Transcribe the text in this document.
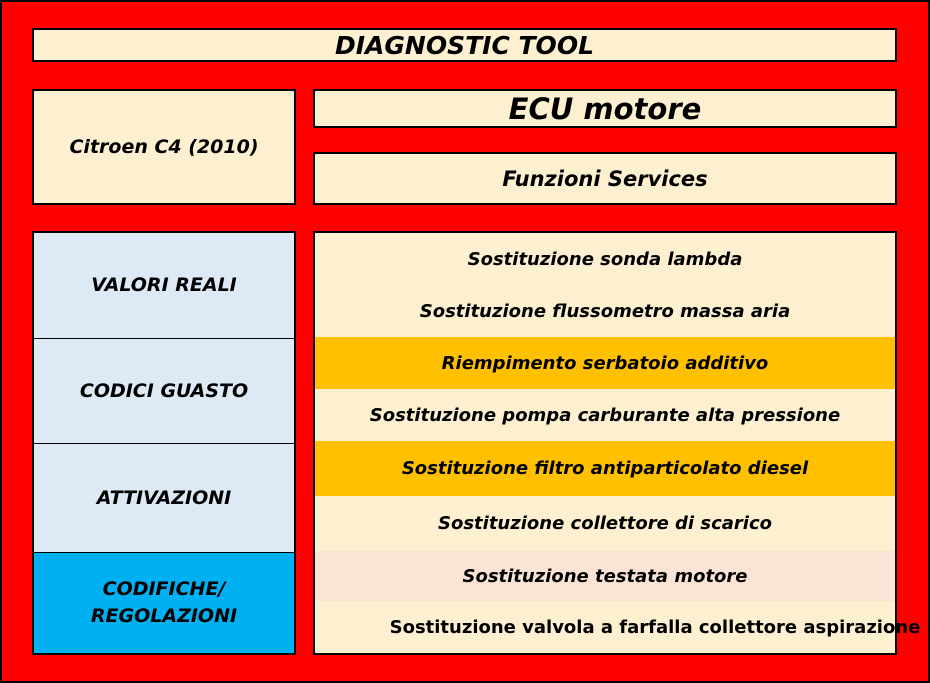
DIAGNOSTIC TOOL
Citroen C4 (2010)
ECU motore
Funzioni Services
VALORI REALI
CODICI GUASTO
ATTIVAZIONI
CODIFICHE/ REGOLAZIONI
Sostituzione sonda lambda
Sostituzione flussometro massa aria
Riempimento serbatoio additivo
Sostituzione pompa carburante alta pressione
Sostituzione filtro antiparticolato diesel
Sostituzione collettore di scarico
Sostituzione testata motore
Sostituzione valvola a farfalla collettore aspirazione
